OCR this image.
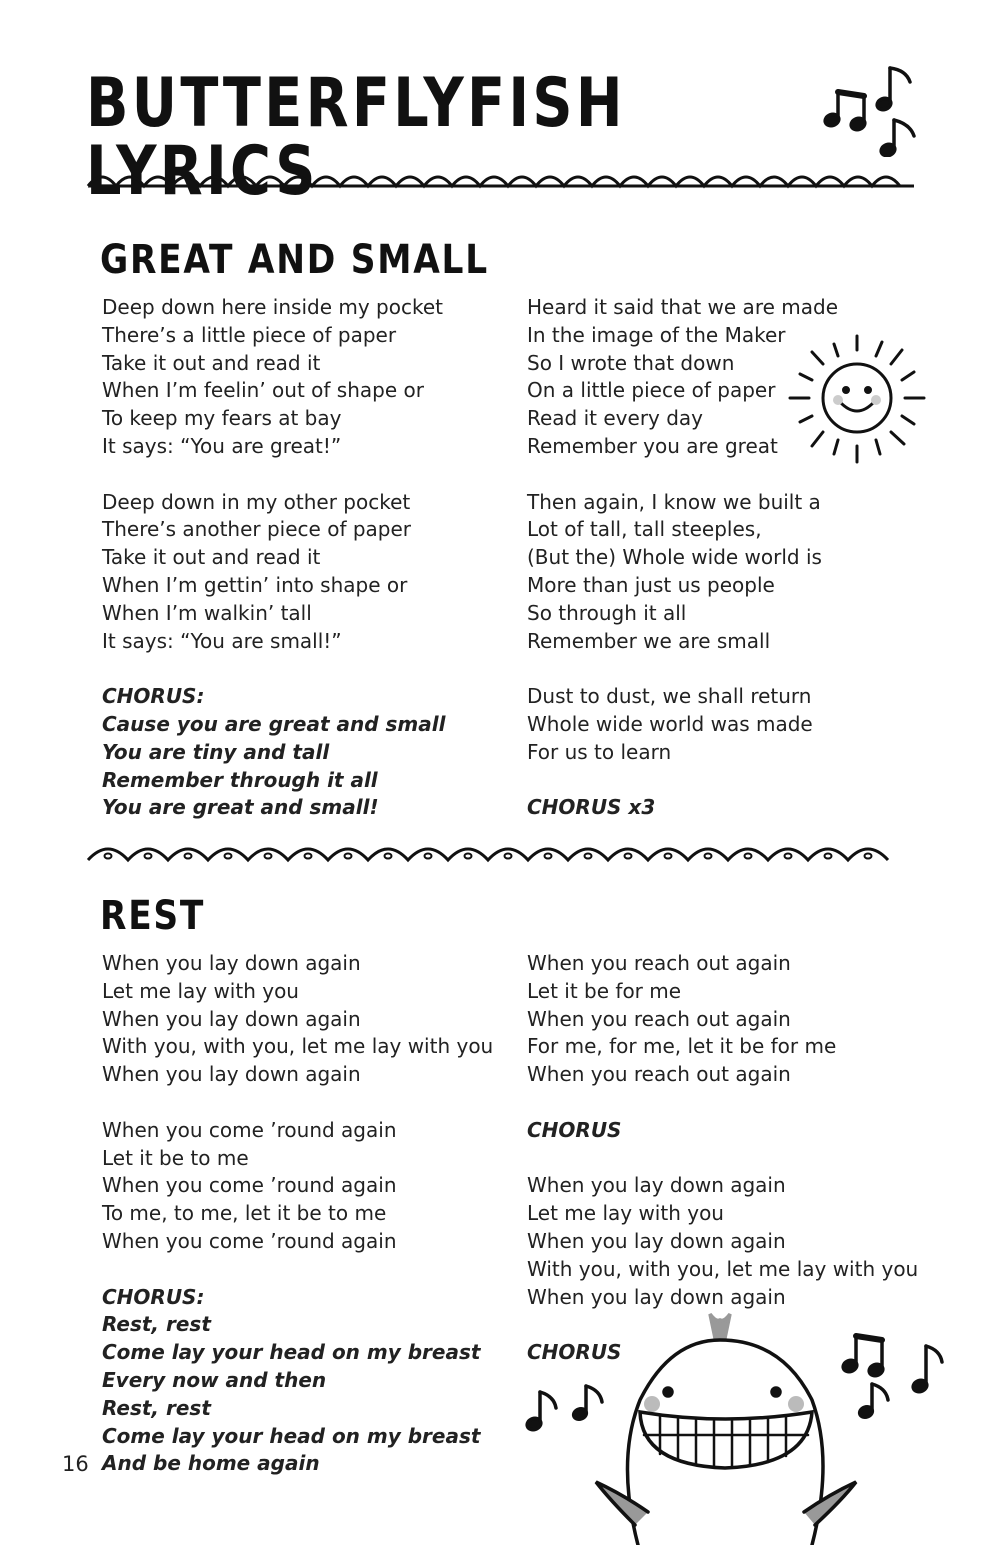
BUTTERFLYFISH LYRICS
GREAT AND SMALL
Deep down here inside my pocket
There’s a little piece of paper
Take it out and read it
When I’m feelin’ out of shape or
To keep my fears at bay
It says: “You are great!”
Deep down in my other pocket
There’s another piece of paper
Take it out and read it
When I’m gettin’ into shape or
When I’m walkin’ tall
It says: “You are small!”
CHORUS:
Cause you are great and small
You are tiny and tall
Remember through it all
You are great and small!
Heard it said that we are made
In the image of the Maker
So I wrote that down
On a little piece of paper
Read it every day
Remember you are great
Then again, I know we built a
Lot of tall, tall steeples,
(But the) Whole wide world is
More than just us people
So through it all
Remember we are small
Dust to dust, we shall return
Whole wide world was made
For us to learn
CHORUS x3
REST
When you lay down again
Let me lay with you
When you lay down again
With you, with you, let me lay with you
When you lay down again
When you come ’round again
Let it be to me
When you come ’round again
To me, to me, let it be to me
When you come ’round again
CHORUS:
Rest, rest
Come lay your head on my breast
Every now and then
Rest, rest
Come lay your head on my breast
And be home again
When you reach out again
Let it be for me
When you reach out again
For me, for me, let it be for me
When you reach out again
CHORUS
When you lay down again
Let me lay with you
When you lay down again
With you, with you, let me lay with you
When you lay down again
CHORUS
16
